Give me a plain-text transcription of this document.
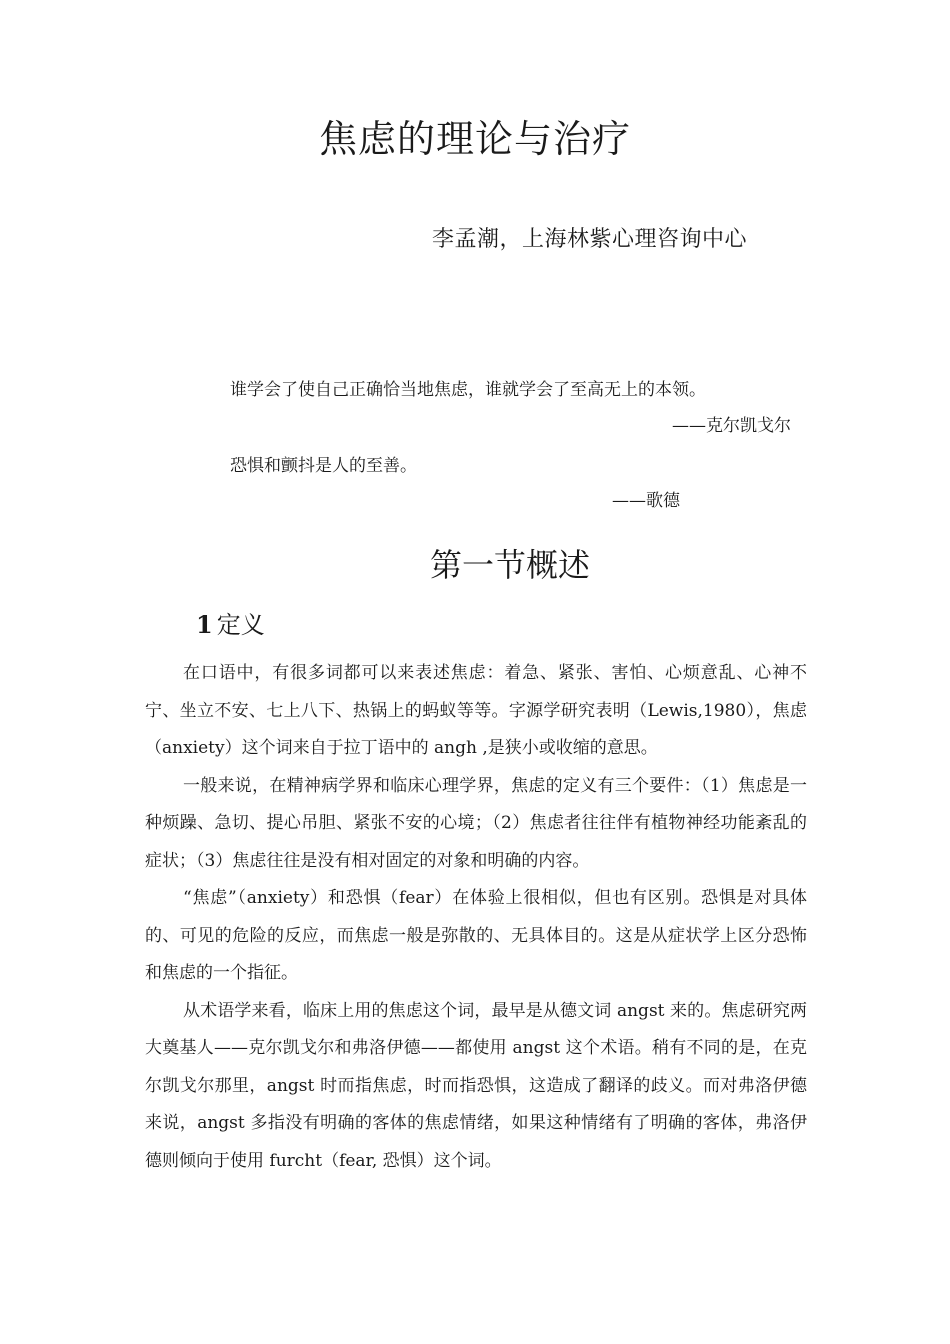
焦虑的理论与治疗
李孟潮，上海林紫心理咨询中心
谁学会了使自己正确恰当地焦虑，谁就学会了至高无上的本领。
——克尔凯戈尔
恐惧和颤抖是人的至善。
——歌德
第一节概述
1 定义

在口语中，有很多词都可以来表述焦虑：着急、紧张、害怕、心烦意乱、心神不宁、坐立不安、七上八下、热锅上的蚂蚁等等。字源学研究表明（Lewis,1980），焦虑（anxiety）这个词来自于拉丁语中的 angh ,是狭小或收缩的意思。

一般来说，在精神病学界和临床心理学界，焦虑的定义有三个要件：（1）焦虑是一种烦躁、急切、提心吊胆、紧张不安的心境；（2）焦虑者往往伴有植物神经功能紊乱的症状；（3）焦虑往往是没有相对固定的对象和明确的内容。

“焦虑”（anxiety）和恐惧（fear）在体验上很相似，但也有区别。恐惧是对具体的、可见的危险的反应，而焦虑一般是弥散的、无具体目的。这是从症状学上区分恐怖和焦虑的一个指征。

从术语学来看，临床上用的焦虑这个词，最早是从德文词 angst 来的。焦虑研究两大奠基人——克尔凯戈尔和弗洛伊德——都使用 angst 这个术语。稍有不同的是，在克尔凯戈尔那里，angst 时而指焦虑，时而指恐惧，这造成了翻译的歧义。而对弗洛伊德来说，angst 多指没有明确的客体的焦虑情绪，如果这种情绪有了明确的客体，弗洛伊德则倾向于使用 furcht（fear, 恐惧）这个词。
